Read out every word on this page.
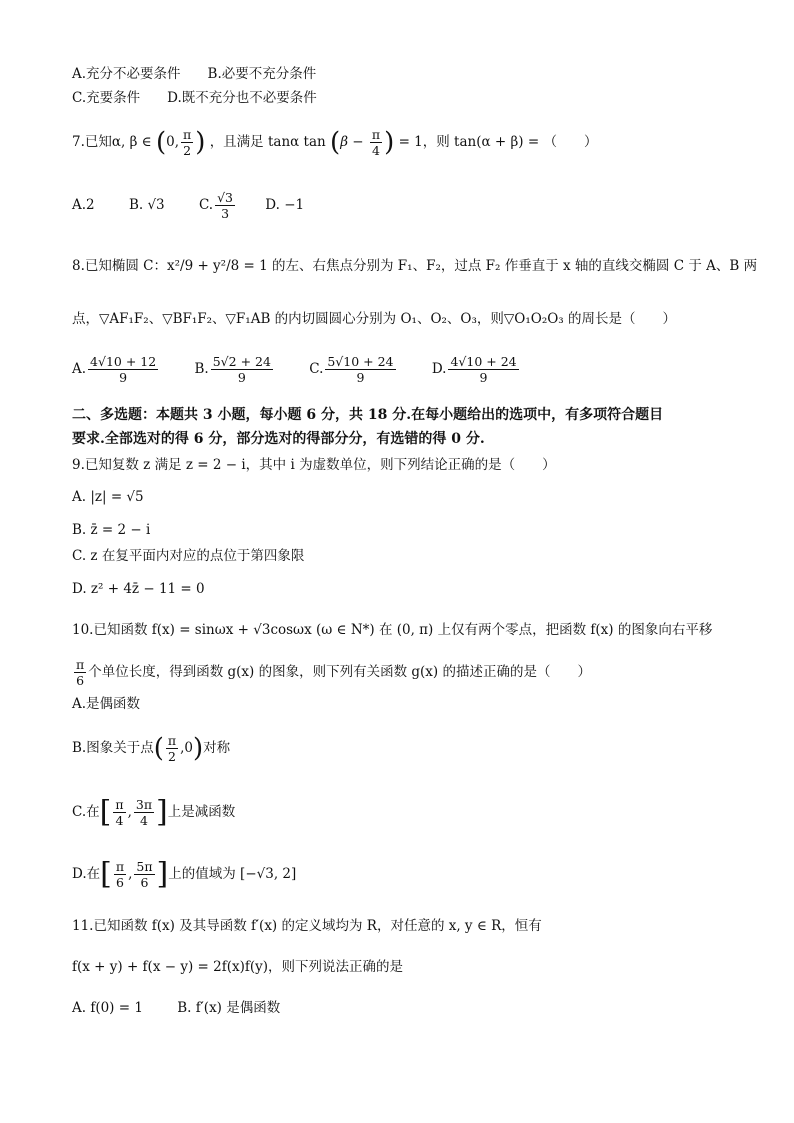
A.充分不必要条件　　B.必要不充分条件
C.充要条件　　D.既不充分也不必要条件
7.已知α, β ∈ (0, $\frac{\pi}{2}$ ) ，且满足 tanα $\tan (\beta - \frac{\pi}{4}$ ) = 1，则 tan(α + β) = （　　）
A.2	B. √3	C. $\frac{√3}{3} D$. −1
8.已知椭圆 C：x²/9 + y²/8 = 1 的左、右焦点分别为 F₁、F₂，过点 F₂ 作垂直于 x 轴的直线交椭圆 C 于 A、B 两
点，▽AF₁F₂、▽BF₁F₂、▽F₁AB 的内切圆圆心分别为 O₁、O₂、O₃，则▽O₁O₂O₃ 的周长是（　　）
A. $\frac{4√10 + 12}{9}$	B. $\frac{5√2 + 24}{9}$	C. $\frac{5√10 + 24}{9}$	D. $\frac{4√10 + 24}{9}$
二、多选题：本题共 3 小题，每小题 6 分，共 18 分.在每小题给出的选项中，有多项符合题目
要求.全部选对的得 6 分，部分选对的得部分分，有选错的得 0 分.
9.已知复数 z 满足 z = 2 − i，其中 i 为虚数单位，则下列结论正确的是（　　）
A. |z| = √5
B. z̄ = 2 − i
C. z 在复平面内对应的点位于第四象限
D. z² + 4z̄ − 11 = 0
10.已知函数 f(x) = sinωx + √3cosωx (ω ∈ N*) 在 (0, π) 上仅有两个零点，把函数 f(x) 的图象向右平移
$\frac{\pi}{6}$ 个单位长度，得到函数 g(x) 的图象，则下列有关函数 g(x) 的描述正确的是（　　）
A.是偶函数
B.图象关于点( $\frac{\pi}{2} ,0$)对称
C.在[ $\frac{\pi}{4}$ , $\frac{3\pi}{4}$ ]上是减函数
D.在[ $\frac{\pi}{6}$ , $\frac{5\pi}{6}$ ]上的值域为 [−√3, 2]
11.已知函数 f(x) 及其导函数 f′(x) 的定义域均为 R，对任意的 x, y ∈ R，恒有
f(x + y) + f(x − y) = 2f(x)f(y)，则下列说法正确的是
A. f(0) = 1	B. f′(x) 是偶函数
